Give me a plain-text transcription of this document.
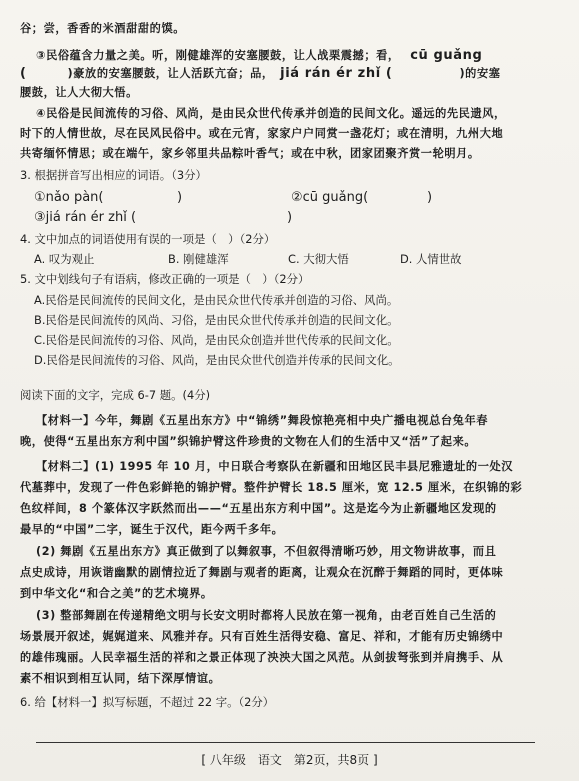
谷；尝，香香的米酒甜甜的馍。
③民俗蕴含力量之美。听，刚健雄浑的安塞腰鼓，让人战栗震撼；看， cū guǎng
(	)豪放的安塞腰鼓，让人活跃亢奋；品， jiá rán ér zhǐ (	)的安塞
腰鼓，让人大彻大悟。
④民俗是民间流传的习俗、风尚，是由民众世代传承并创造的民间文化。遥远的先民遗风，
时下的人情世故，尽在民风民俗中。或在元宵，家家户户同赏一盏花灯；或在清明，九州大地
共寄缅怀情思；或在端午，家乡邻里共品粽叶香气；或在中秋，团家团聚齐赏一轮明月。
3. 根据拼音写出相应的词语。（3分）
①nǎo pàn(	)	②cū guǎng(	)
③jiá rán ér zhǐ (	)
4. 文中加点的词语使用有误的一项是（　）（2分）
A. 叹为观止	B. 刚健雄浑	C. 大彻大悟	D. 人情世故
5. 文中划线句子有语病，修改正确的一项是（　）（2分）
A.民俗是民间流传的民间文化，是由民众世代传承并创造的习俗、风尚。
B.民俗是民间流传的风尚、习俗，是由民众世代传承并创造的民间文化。
C.民俗是民间流传的习俗、风尚，是由民众创造并世代传承的民间文化。
D.民俗是民间流传的习俗、风尚，是由民众世代创造并传承的民间文化。
阅读下面的文字，完成 6-7 题。(4分)
【材料一】今年，舞剧《五星出东方》中“锦绣”舞段惊艳亮相中央广播电视总台兔年春
晚，使得“五星出东方利中国”织锦护臂这件珍贵的文物在人们的生活中又“活”了起来。
【材料二】(1) 1995 年 10 月，中日联合考察队在新疆和田地区民丰县尼雅遗址的一处汉
代墓葬中，发现了一件色彩鲜艳的锦护臂。整件护臂长 18.5 厘米，宽 12.5 厘米，在织锦的彩
色纹样间，8 个篆体汉字跃然而出——“五星出东方利中国”。这是迄今为止新疆地区发现的
最早的“中国”二字，诞生于汉代，距今两千多年。
(2) 舞剧《五星出东方》真正做到了以舞叙事，不但叙得清晰巧妙，用文物讲故事，而且
点史成诗，用诙谐幽默的剧情拉近了舞剧与观者的距离，让观众在沉醉于舞蹈的同时，更体味
到中华文化“和合之美”的艺术境界。
(3) 整部舞剧在传递精绝文明与长安文明时都将人民放在第一视角，由老百姓自己生活的
场景展开叙述，娓娓道来、风雅并存。只有百姓生活得安稳、富足、祥和，才能有历史锦绣中
的雄伟瑰丽。人民幸福生活的祥和之景正体现了泱泱大国之风范。从剑拔弩张到并肩携手、从
素不相识到相互认同，结下深厚情谊。
6. 给【材料一】拟写标题，不超过 22 字。（2分）
[ 八年级　语文　第2页，共8页 ]
